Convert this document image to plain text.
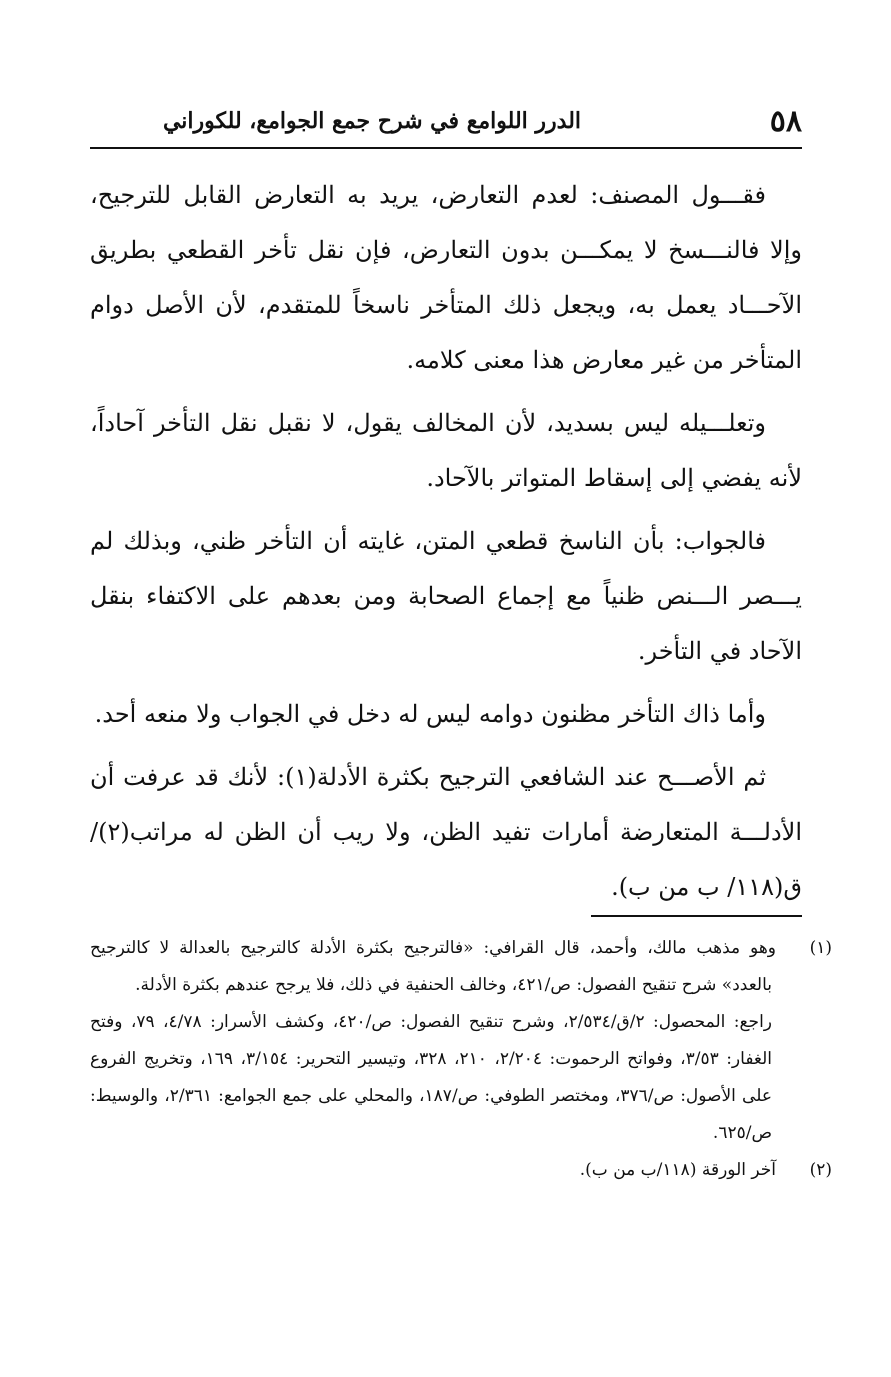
٥٨
الدرر اللوامع في شرح جمع الجوامع، للكوراني

فقـــول المصنف: لعدم التعارض، يريد به التعارض القابل للترجيح، وإلا فالنـــسخ لا يمكـــن بدون التعارض، فإن نقل تأخر القطعي بطريق الآحـــاد يعمل به، ويجعل ذلك المتأخر ناسخاً للمتقدم، لأن الأصل دوام المتأخر من غير معارض هذا معنى كلامه.

وتعلـــيله ليس بسديد، لأن المخالف يقول، لا نقبل نقل التأخر آحاداً، لأنه يفضي إلى إسقاط المتواتر بالآحاد.

فالجواب: بأن الناسخ قطعي المتن، غايته أن التأخر ظني، وبذلك لم يـــصر الـــنص ظنياً مع إجماع الصحابة ومن بعدهم على الاكتفاء بنقل الآحاد في التأخر.

وأما ذاك التأخر مظنون دوامه ليس له دخل في الجواب ولا منعه أحد.

ثم الأصـــح عند الشافعي الترجيح بكثرة الأدلة(١): لأنك قد عرفت أن الأدلـــة المتعارضة أمارات تفيد الظن، ولا ريب أن الظن له مراتب(٢)/ ق(١١٨/ ب من ب).

(١)وهو مذهب مالك، وأحمد، قال القرافي: «فالترجيح بكثرة الأدلة كالترجيح بالعدالة لا كالترجيح بالعدد» شرح تنقيح الفصول: ص/٤٢١، وخالف الحنفية في ذلك، فلا يرجح عندهم بكثرة الأدلة.

راجع: المحصول: ٢/ق/٢/٥٣٤، وشرح تنقيح الفصول: ص/٤٢٠، وكشف الأسرار: ٤/٧٨، ٧٩، وفتح الغفار: ٣/٥٣، وفواتح الرحموت: ٢/٢٠٤، ٢١٠، ٣٢٨، وتيسير التحرير: ٣/١٥٤، ١٦٩، وتخريج الفروع على الأصول: ص/٣٧٦، ومختصر الطوفي: ص/١٨٧، والمحلي على جمع الجوامع: ٢/٣٦١، والوسيط: ص/٦٢٥.

(٢)آخر الورقة (١١٨/ب من ب).
